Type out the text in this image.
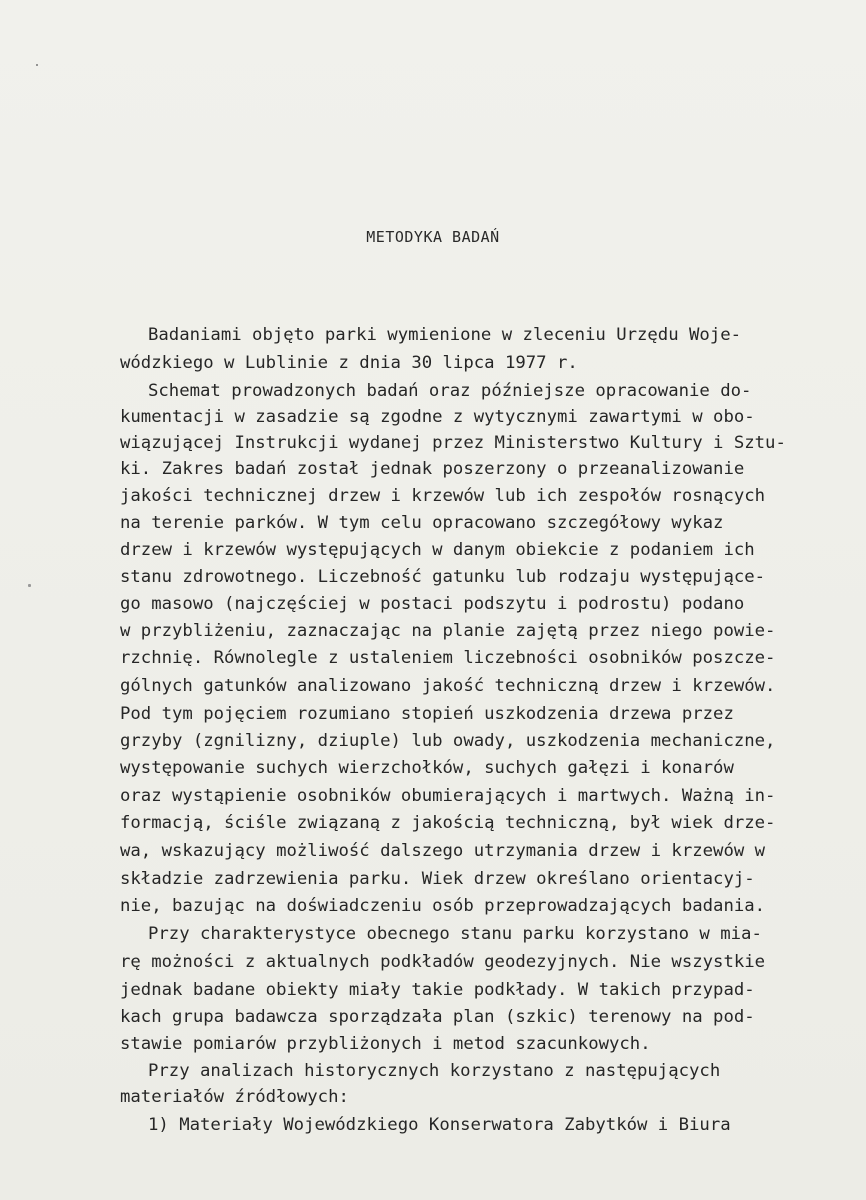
METODYKA BADAŃ

Badaniami objęto parki wymienione w zleceniu Urzędu Woje-

wódzkiego w Lublinie z dnia 30 lipca 1977 r.

Schemat prowadzonych badań oraz późniejsze opracowanie do-

kumentacji w zasadzie są zgodne z wytycznymi zawartymi w obo-

wiązującej Instrukcji wydanej przez Ministerstwo Kultury i Sztu-

ki. Zakres badań został jednak poszerzony o przeanalizowanie

jakości technicznej drzew i krzewów lub ich zespołów rosnących

na terenie parków. W tym celu opracowano szczegółowy wykaz

drzew i krzewów występujących w danym obiekcie z podaniem ich

stanu zdrowotnego. Liczebność gatunku lub rodzaju występujące-

go masowo (najczęściej w postaci podszytu i podrostu) podano

w przybliżeniu, zaznaczając na planie zajętą przez niego powie-

rzchnię. Równolegle z ustaleniem liczebności osobników poszcze-

gólnych gatunków analizowano jakość techniczną drzew i krzewów.

Pod tym pojęciem rozumiano stopień uszkodzenia drzewa przez

grzyby (zgnilizny, dziuple) lub owady, uszkodzenia mechaniczne,

występowanie suchych wierzchołków, suchych gałęzi i konarów

oraz wystąpienie osobników obumierających i martwych. Ważną in-

formacją, ściśle związaną z jakością techniczną, był wiek drze-

wa, wskazujący możliwość dalszego utrzymania drzew i krzewów w

składzie zadrzewienia parku. Wiek drzew określano orientacyj-

nie, bazując na doświadczeniu osób przeprowadzających badania.

Przy charakterystyce obecnego stanu parku korzystano w mia-

rę możności z aktualnych podkładów geodezyjnych. Nie wszystkie

jednak badane obiekty miały takie podkłady. W takich przypad-

kach grupa badawcza sporządzała plan (szkic) terenowy na pod-

stawie pomiarów przybliżonych i metod szacunkowych.

Przy analizach historycznych korzystano z następujących

materiałów źródłowych:

1) Materiały Wojewódzkiego Konserwatora Zabytków i Biura
